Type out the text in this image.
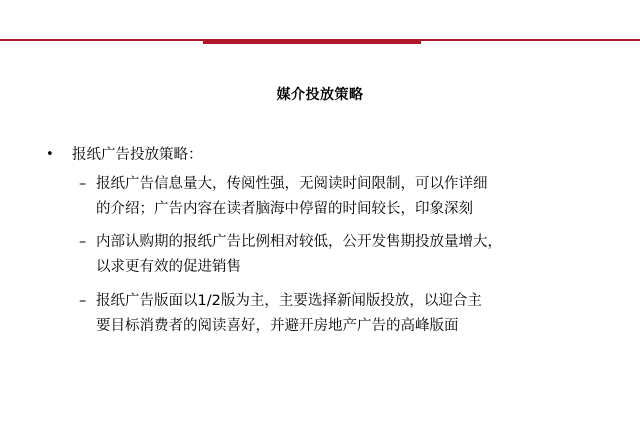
媒介投放策略
• 报纸广告投放策略：
– 报纸广告信息量大，传阅性强，无阅读时间限制，可以作详细
的介绍；广告内容在读者脑海中停留的时间较长，印象深刻
– 内部认购期的报纸广告比例相对较低，公开发售期投放量增大，
以求更有效的促进销售
– 报纸广告版面以1/2版为主，主要选择新闻版投放，以迎合主
要目标消费者的阅读喜好，并避开房地产广告的高峰版面
